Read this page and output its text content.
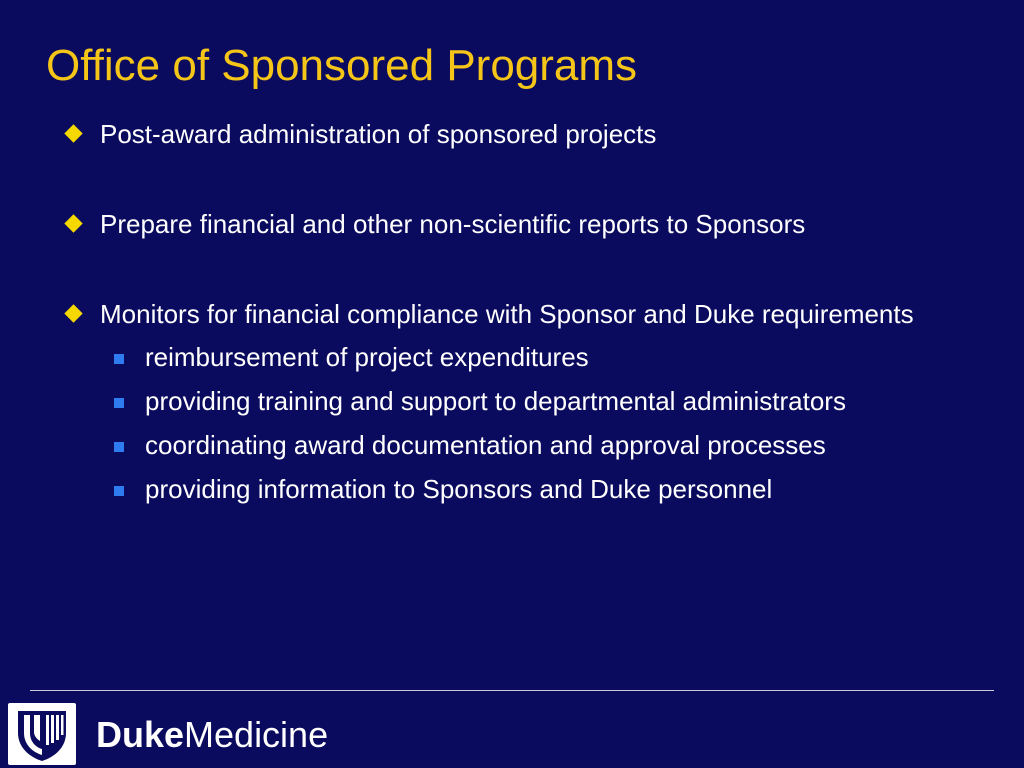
Office of Sponsored Programs
Post-award administration of sponsored projects
Prepare financial and other non-scientific reports to Sponsors
Monitors for financial compliance with Sponsor and Duke requirements
reimbursement of project expenditures
providing training and support to departmental administrators
coordinating award documentation and approval processes
providing information to Sponsors and Duke personnel
DukeMedicine
